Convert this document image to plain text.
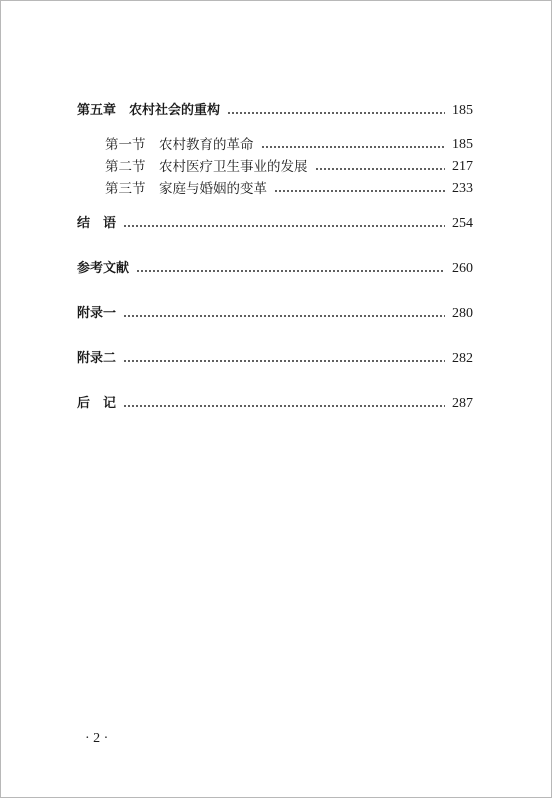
第五章　农村社会的重构	185
第一节　农村教育的革命	185
第二节　农村医疗卫生事业的发展	217
第三节　家庭与婚姻的变革	233
结　语	254
参考文献	260
附录一	280
附录二	282
后　记	287
· 2 ·
